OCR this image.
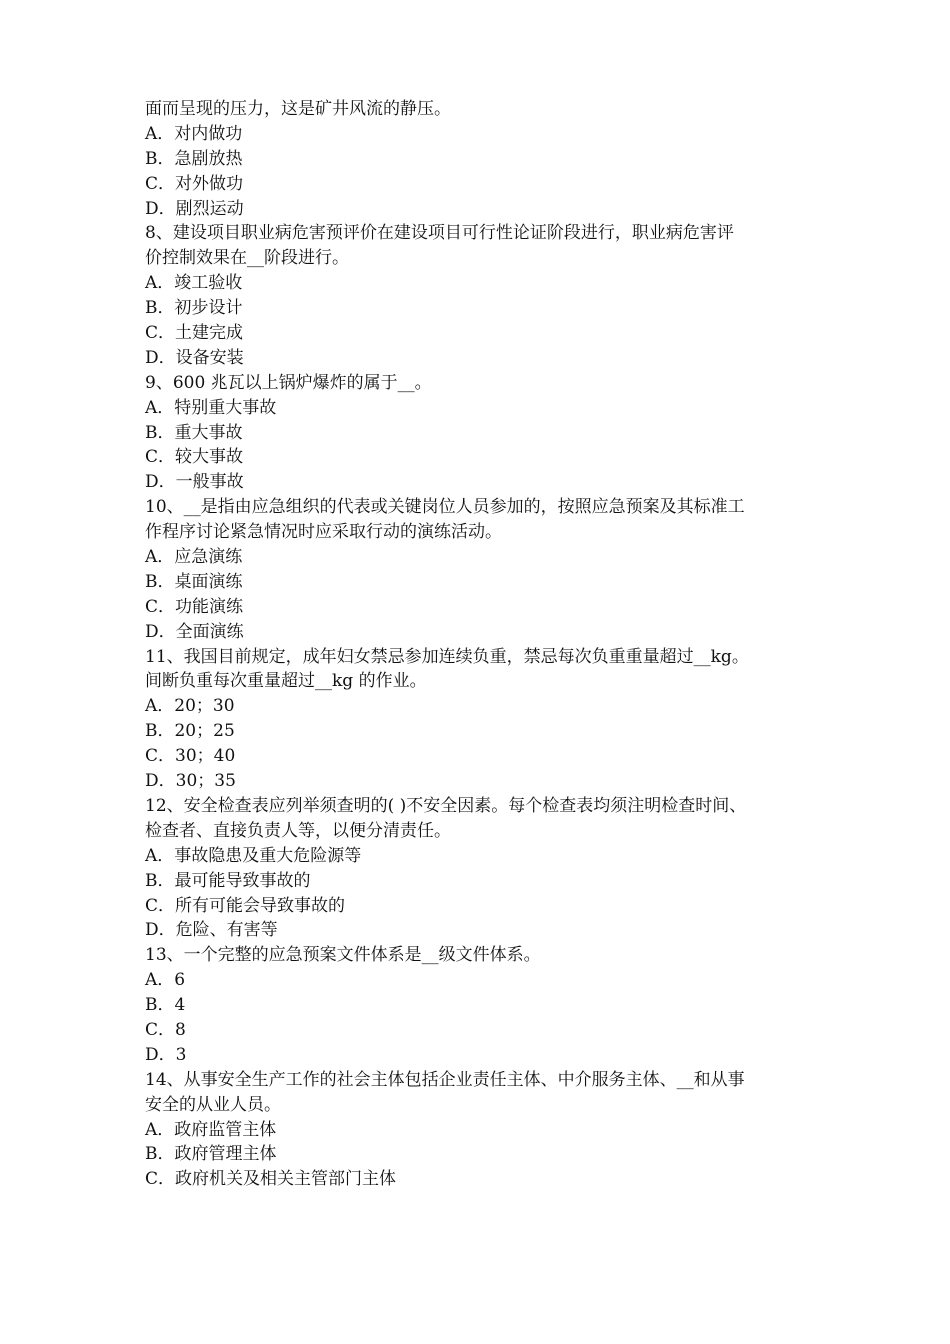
面而呈现的压力，这是矿井风流的静压。
A．对内做功
B．急剧放热
C．对外做功
D．剧烈运动
8、建设项目职业病危害预评价在建设项目可行性论证阶段进行，职业病危害评
价控制效果在__阶段进行。
A．竣工验收
B．初步设计
C．土建完成
D．设备安装
9、600 兆瓦以上锅炉爆炸的属于__。
A．特别重大事故
B．重大事故
C．较大事故
D．一般事故
10、__是指由应急组织的代表或关键岗位人员参加的，按照应急预案及其标准工
作程序讨论紧急情况时应采取行动的演练活动。
A．应急演练
B．桌面演练
C．功能演练
D．全面演练
11、我国目前规定，成年妇女禁忌参加连续负重，禁忌每次负重重量超过__kg。
间断负重每次重量超过__kg 的作业。
A．20；30
B．20；25
C．30；40
D．30；35
12、安全检查表应列举须查明的( )不安全因素。每个检查表均须注明检查时间、
检查者、直接负责人等，以便分清责任。
A．事故隐患及重大危险源等
B．最可能导致事故的
C．所有可能会导致事故的
D．危险、有害等
13、一个完整的应急预案文件体系是__级文件体系。
A．6
B．4
C．8
D．3
14、从事安全生产工作的社会主体包括企业责任主体、中介服务主体、__和从事
安全的从业人员。
A．政府监管主体
B．政府管理主体
C．政府机关及相关主管部门主体
